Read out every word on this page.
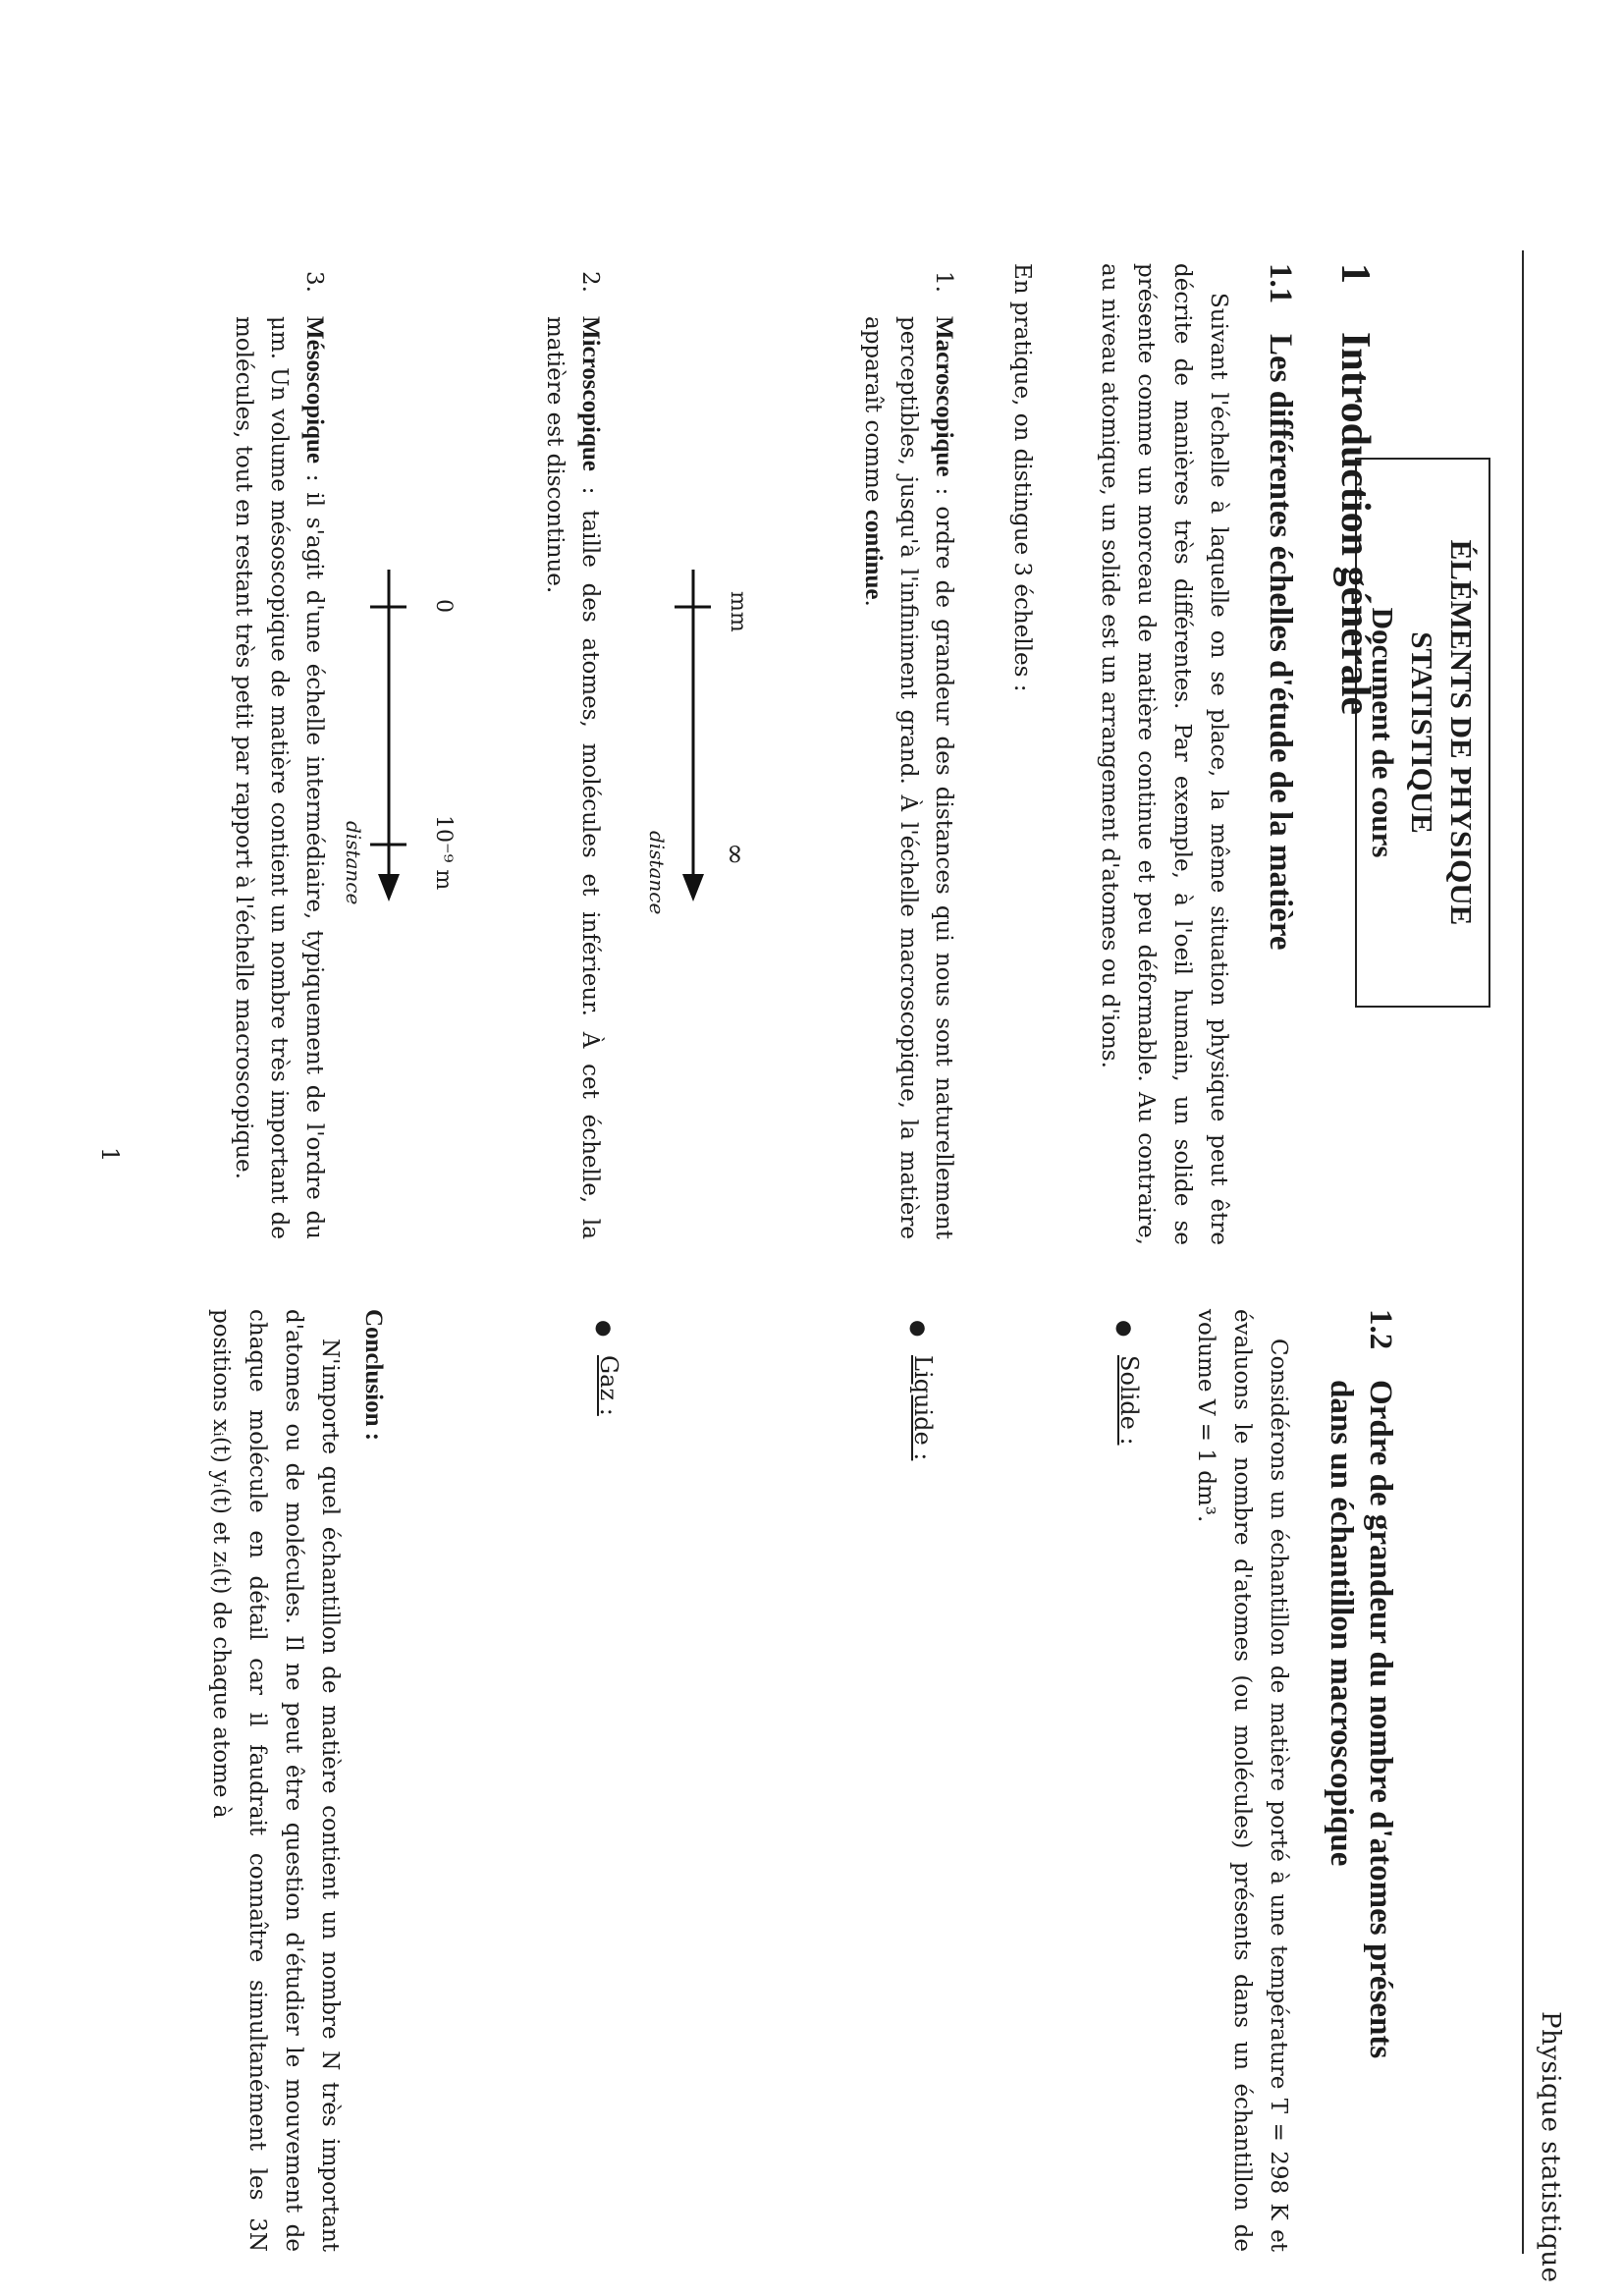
Physique statistique
ÉLÉMENTS DE PHYSIQUE STATISTIQUE
Document de cours
1Introduction générale
1.1Les différentes échelles d'étude de la matière

Suivant l'échelle à laquelle on se place, la même situation physique peut être décrite de manières très différentes. Par exemple, à l'oeil humain, un solide se présente comme un morceau de matière continue et peu déformable. Au contraire, au niveau atomique, un solide est un arrangement d'atomes ou d'ions.

En pratique, on distingue 3 échelles :
1.
Macroscopique : ordre de grandeur des distances qui nous sont naturellement perceptibles, jusqu'à l'infiniment grand. À l'échelle macroscopique, la matière apparaît comme continue.
mm
∞
distance
2.
Microscopique : taille des atomes, molécules et inférieur. À cet échelle, la matière est discontinue.
0
10⁻⁹ m
distance
3.
Mésoscopique : il s'agit d'une échelle intermédiaire, typiquement de l'ordre du μm. Un volume mésoscopique de matière contient un nombre très important de molécules, tout en restant très petit par rapport à l'échelle macroscopique.
1.2Ordre de grandeur du nombre d'atomes présents
dans un échantillon macroscopique

Considérons un échantillon de matière porté à une température T = 298 K et évaluons le nombre d'atomes (ou molécules) présents dans un échantillon de volume V = 1 dm³.

●
Solide :
●
Liquide :
●
Gaz :
Conclusion :

N'importe quel échantillon de matière contient un nombre N très important d'atomes ou de molécules. Il ne peut être question d'étudier le mouvement de chaque molécule en détail car il faudrait connaître simultanément les 3N positions xᵢ(t) yᵢ(t) et zᵢ(t) de chaque atome à

1
